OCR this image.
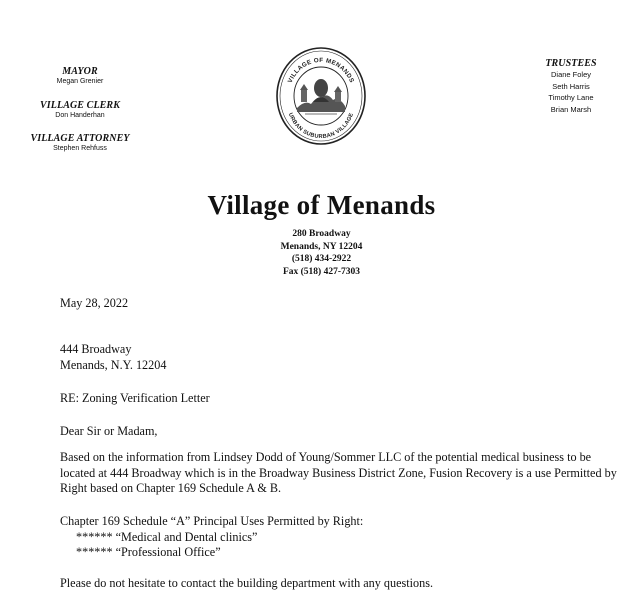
MAYOR
Megan Grenier
VILLAGE CLERK
Don Handerhan
VILLAGE ATTORNEY
Stephen Rehfuss
TRUSTEES
Diane Foley
Seth Harris
Timothy Lane
Brian Marsh
VILLAGE OF MENANDS
URBAN SUBURBAN VILLAGE
Village of Menands
280 Broadway
Menands, NY 12204
(518) 434-2922
Fax (518) 427-7303
May 28, 2022
444 Broadway
Menands, N.Y. 12204
RE: Zoning Verification Letter
Dear Sir or Madam,
Based on the information from Lindsey Dodd of Young/Sommer LLC of the potential medical business to be located at 444 Broadway which is in the Broadway Business District Zone, Fusion Recovery is a use Permitted by Right based on Chapter 169 Schedule A & B.
Chapter 169 Schedule “A” Principal Uses Permitted by Right:
****** “Medical and Dental clinics”
****** “Professional Office”
Please do not hesitate to contact the building department with any questions.
